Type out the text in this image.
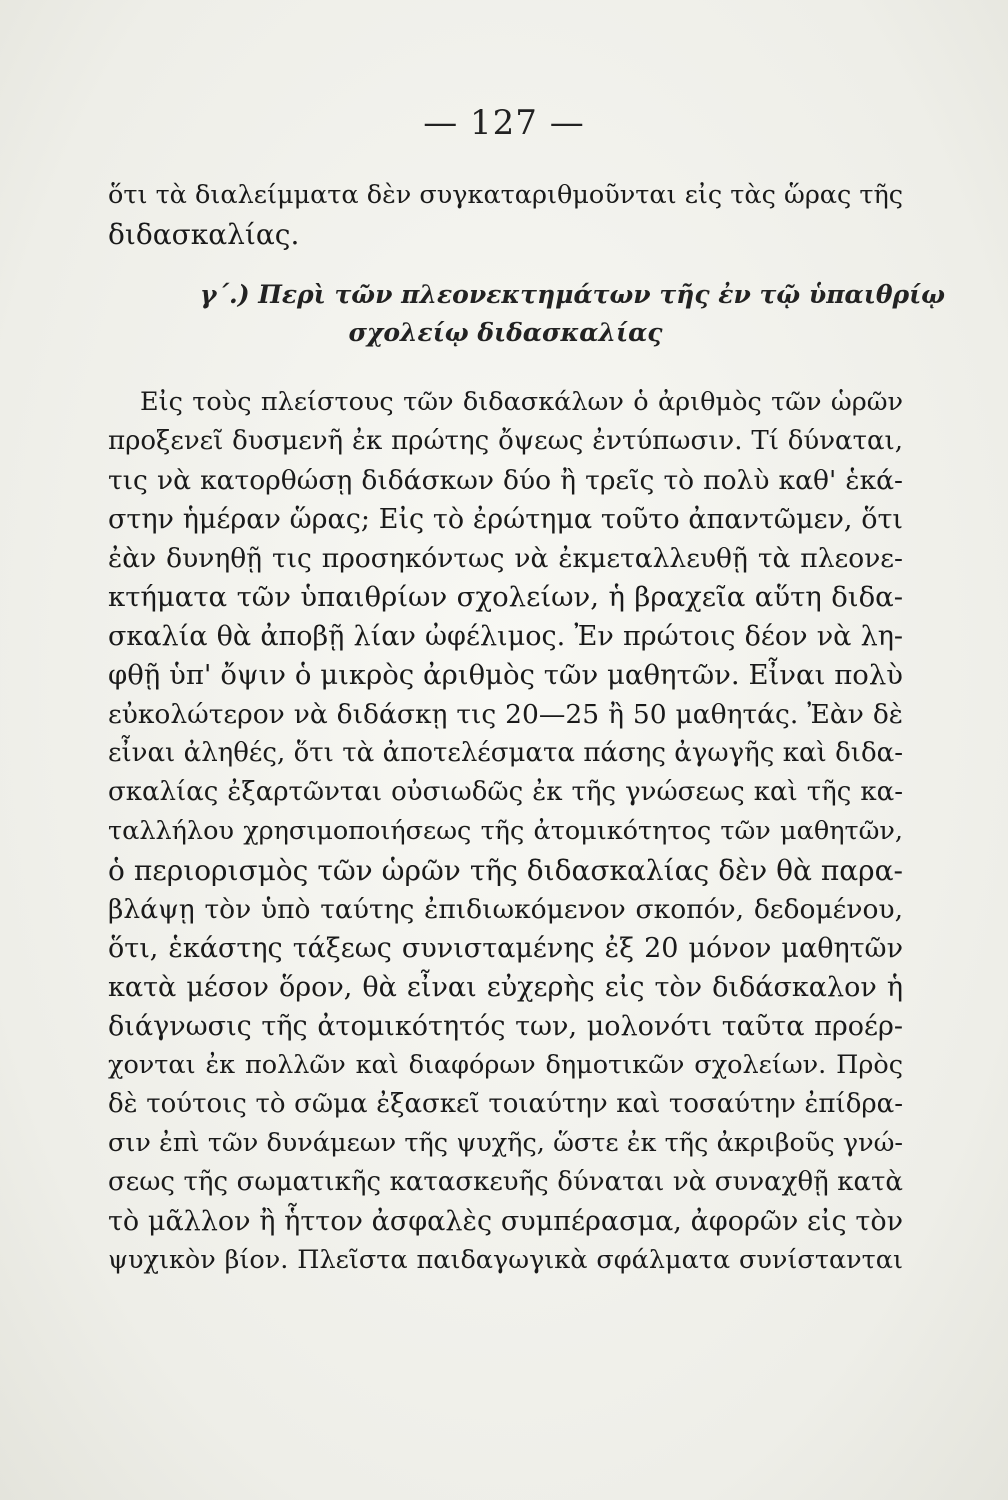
— 127 —
ὅτι τὰ διαλείμματα δὲν συγκαταριθμοῦνται εἰς τὰς ὥρας τῆς
διδασκαλίας.
γ΄.) Περὶ τῶν πλεονεκτημάτων τῆς ἐν τῷ ὑπαιθρίῳ
σχολείῳ διδασκαλίας
Εἰς τοὺς πλείστους τῶν διδασκάλων ὁ ἀριθμὸς τῶν ὡρῶν
προξενεῖ δυσμενῆ ἐκ πρώτης ὄψεως ἐντύπωσιν. Τί δύναται,
τις νὰ κατορθώσῃ διδάσκων δύο ἢ τρεῖς τὸ πολὺ καθ' ἑκά-
στην ἡμέραν ὥρας; Εἰς τὸ ἐρώτημα τοῦτο ἀπαντῶμεν, ὅτι
ἐὰν δυνηθῇ τις προσηκόντως νὰ ἐκμεταλλευθῇ τὰ πλεονε-
κτήματα τῶν ὑπαιθρίων σχολείων, ἡ βραχεῖα αὕτη διδα-
σκαλία θὰ ἀποβῇ λίαν ὠφέλιμος. Ἐν πρώτοις δέον νὰ λη-
φθῇ ὑπ' ὄψιν ὁ μικρὸς ἀριθμὸς τῶν μαθητῶν. Εἶναι πολὺ
εὐκολώτερον νὰ διδάσκῃ τις 20—25 ἢ 50 μαθητάς. Ἐὰν δὲ
εἶναι ἀληθές, ὅτι τὰ ἀποτελέσματα πάσης ἀγωγῆς καὶ διδα-
σκαλίας ἐξαρτῶνται οὐσιωδῶς ἐκ τῆς γνώσεως καὶ τῆς κα-
ταλλήλου χρησιμοποιήσεως τῆς ἀτομικότητος τῶν μαθητῶν,
ὁ περιορισμὸς τῶν ὡρῶν τῆς διδασκαλίας δὲν θὰ παρα-
βλάψῃ τὸν ὑπὸ ταύτης ἐπιδιωκόμενον σκοπόν, δεδομένου,
ὅτι, ἑκάστης τάξεως συνισταμένης ἐξ 20 μόνον μαθητῶν
κατὰ μέσον ὅρον, θὰ εἶναι εὐχερὴς εἰς τὸν διδάσκαλον ἡ
διάγνωσις τῆς ἀτομικότητός των, μολονότι ταῦτα προέρ-
χονται ἐκ πολλῶν καὶ διαφόρων δημοτικῶν σχολείων. Πρὸς
δὲ τούτοις τὸ σῶμα ἐξασκεῖ τοιαύτην καὶ τοσαύτην ἐπίδρα-
σιν ἐπὶ τῶν δυνάμεων τῆς ψυχῆς, ὥστε ἐκ τῆς ἀκριβοῦς γνώ-
σεως τῆς σωματικῆς κατασκευῆς δύναται νὰ συναχθῇ κατὰ
τὸ μᾶλλον ἢ ἧττον ἀσφαλὲς συμπέρασμα, ἀφορῶν εἰς τὸν
ψυχικὸν βίον. Πλεῖστα παιδαγωγικὰ σφάλματα συνίστανται
